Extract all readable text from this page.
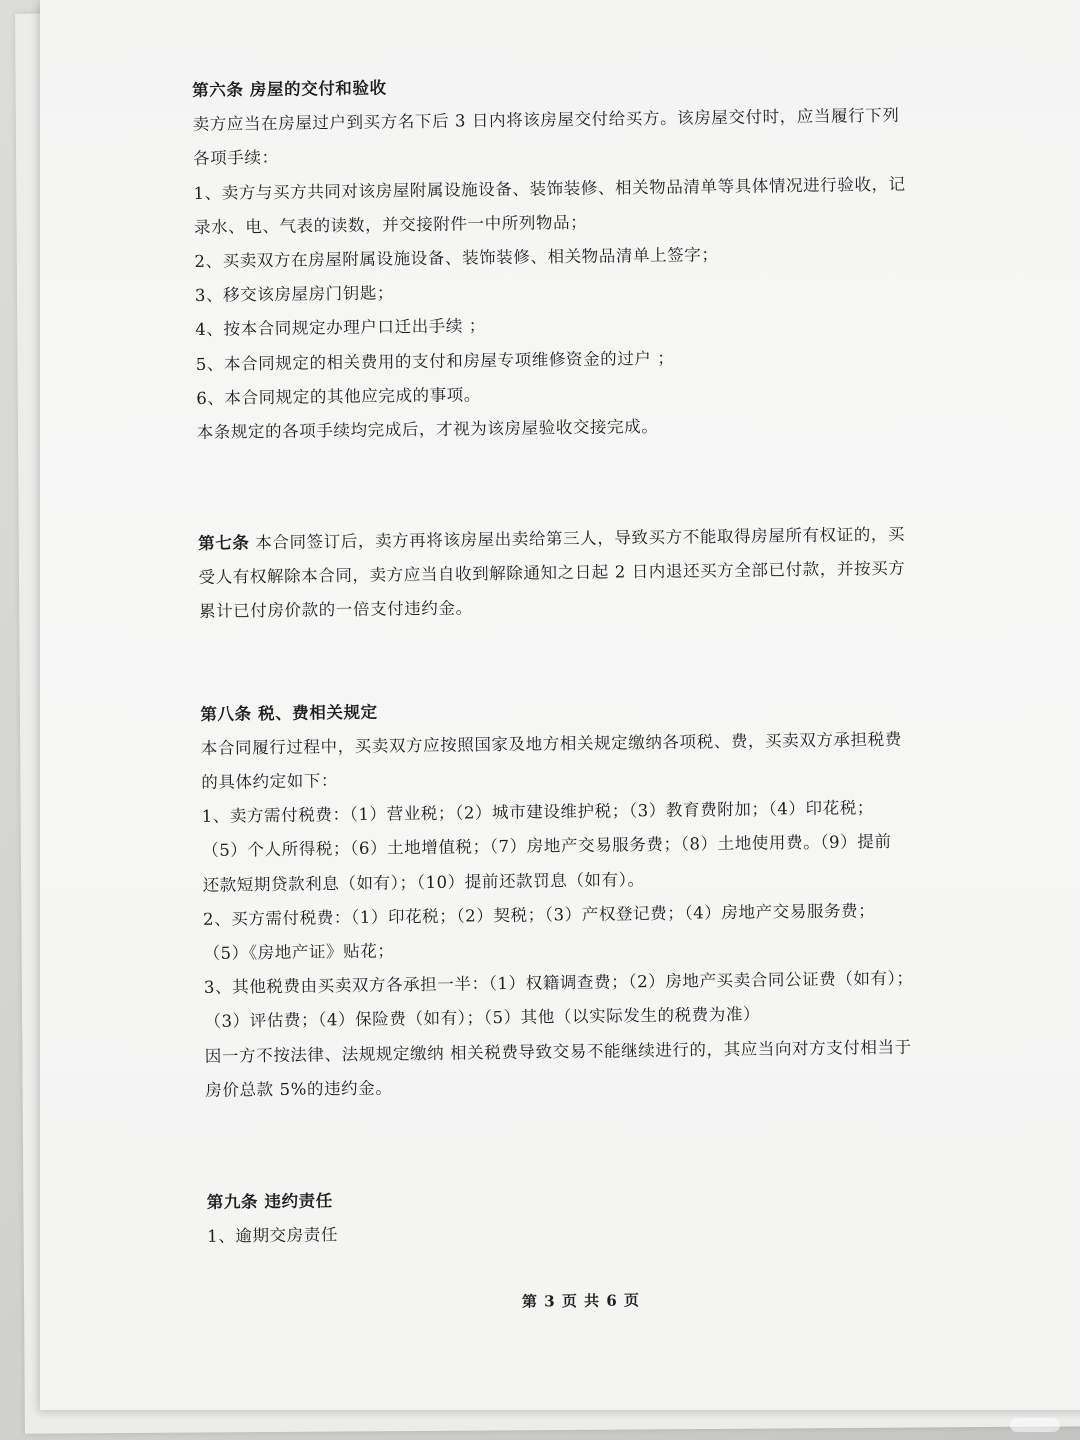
第六条 房屋的交付和验收
卖方应当在房屋过户到买方名下后 3 日内将该房屋交付给买方。该房屋交付时，应当履行下列
各项手续：
1、卖方与买方共同对该房屋附属设施设备、装饰装修、相关物品清单等具体情况进行验收，记
录水、电、气表的读数，并交接附件一中所列物品；
2、买卖双方在房屋附属设施设备、装饰装修、相关物品清单上签字；
3、移交该房屋房门钥匙；
4、按本合同规定办理户口迁出手续 ；
5、本合同规定的相关费用的支付和房屋专项维修资金的过户 ；
6、本合同规定的其他应完成的事项。
本条规定的各项手续均完成后，才视为该房屋验收交接完成。
第七条 本合同签订后，卖方再将该房屋出卖给第三人，导致买方不能取得房屋所有权证的，买
受人有权解除本合同，卖方应当自收到解除通知之日起 2 日内退还买方全部已付款，并按买方
累计已付房价款的一倍支付违约金。
第八条 税、费相关规定
本合同履行过程中，买卖双方应按照国家及地方相关规定缴纳各项税、费，买卖双方承担税费
的具体约定如下：
1、卖方需付税费：（1）营业税；（2）城市建设维护税；（3）教育费附加；（4）印花税；
（5）个人所得税；（6）土地增值税；（7）房地产交易服务费；（8）土地使用费。（9）提前
还款短期贷款利息（如有）；（10）提前还款罚息（如有）。
2、买方需付税费：（1）印花税；（2）契税；（3）产权登记费；（4）房地产交易服务费；
（5）《房地产证》贴花；
3、其他税费由买卖双方各承担一半：（1）权籍调查费；（2）房地产买卖合同公证费（如有）；
（3）评估费；（4）保险费（如有）；（5）其他（以实际发生的税费为准）
因一方不按法律、法规规定缴纳 相关税费导致交易不能继续进行的，其应当向对方支付相当于
房价总款 5%的违约金。
第九条 违约责任
1、逾期交房责任
第 3 页 共 6 页
